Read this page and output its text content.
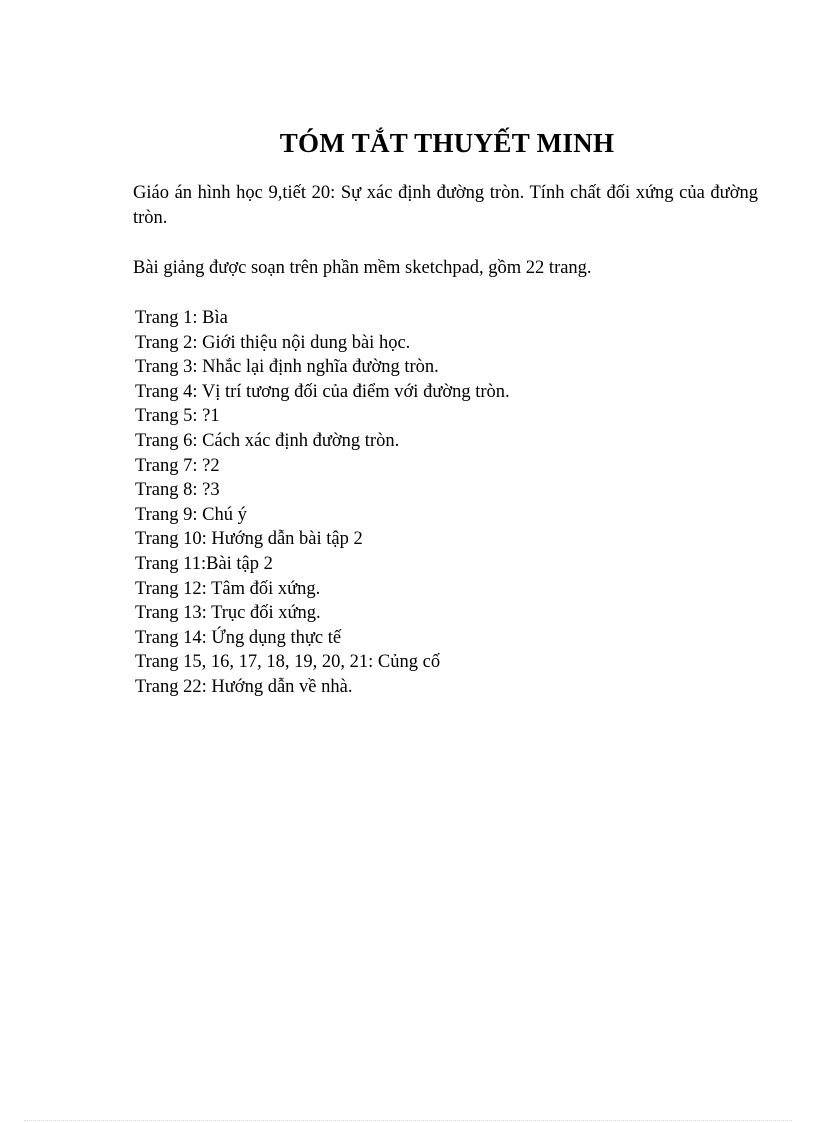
TÓM TẮT THUYẾT MINH

Giáo án hình học 9,tiết 20: Sự xác định đường tròn. Tính chất đối xứng của đường tròn.

Bài giảng được soạn trên phần mềm sketchpad, gồm 22 trang.

Trang 1: Bìa
Trang 2: Giới thiệu nội dung bài học.
Trang 3: Nhắc lại định nghĩa đường tròn.
Trang 4: Vị trí tương đối của điểm với đường tròn.
Trang 5: ?1
Trang 6: Cách xác định đường tròn.
Trang 7: ?2
Trang 8: ?3
Trang 9: Chú ý
Trang 10: Hướng dẫn bài tập 2
Trang 11:Bài tập 2
Trang 12: Tâm đối xứng.
Trang 13: Trục đối xứng.
Trang 14: Ứng dụng thực tế
Trang 15, 16, 17, 18, 19, 20, 21: Củng cố
Trang 22: Hướng dẫn về nhà.
